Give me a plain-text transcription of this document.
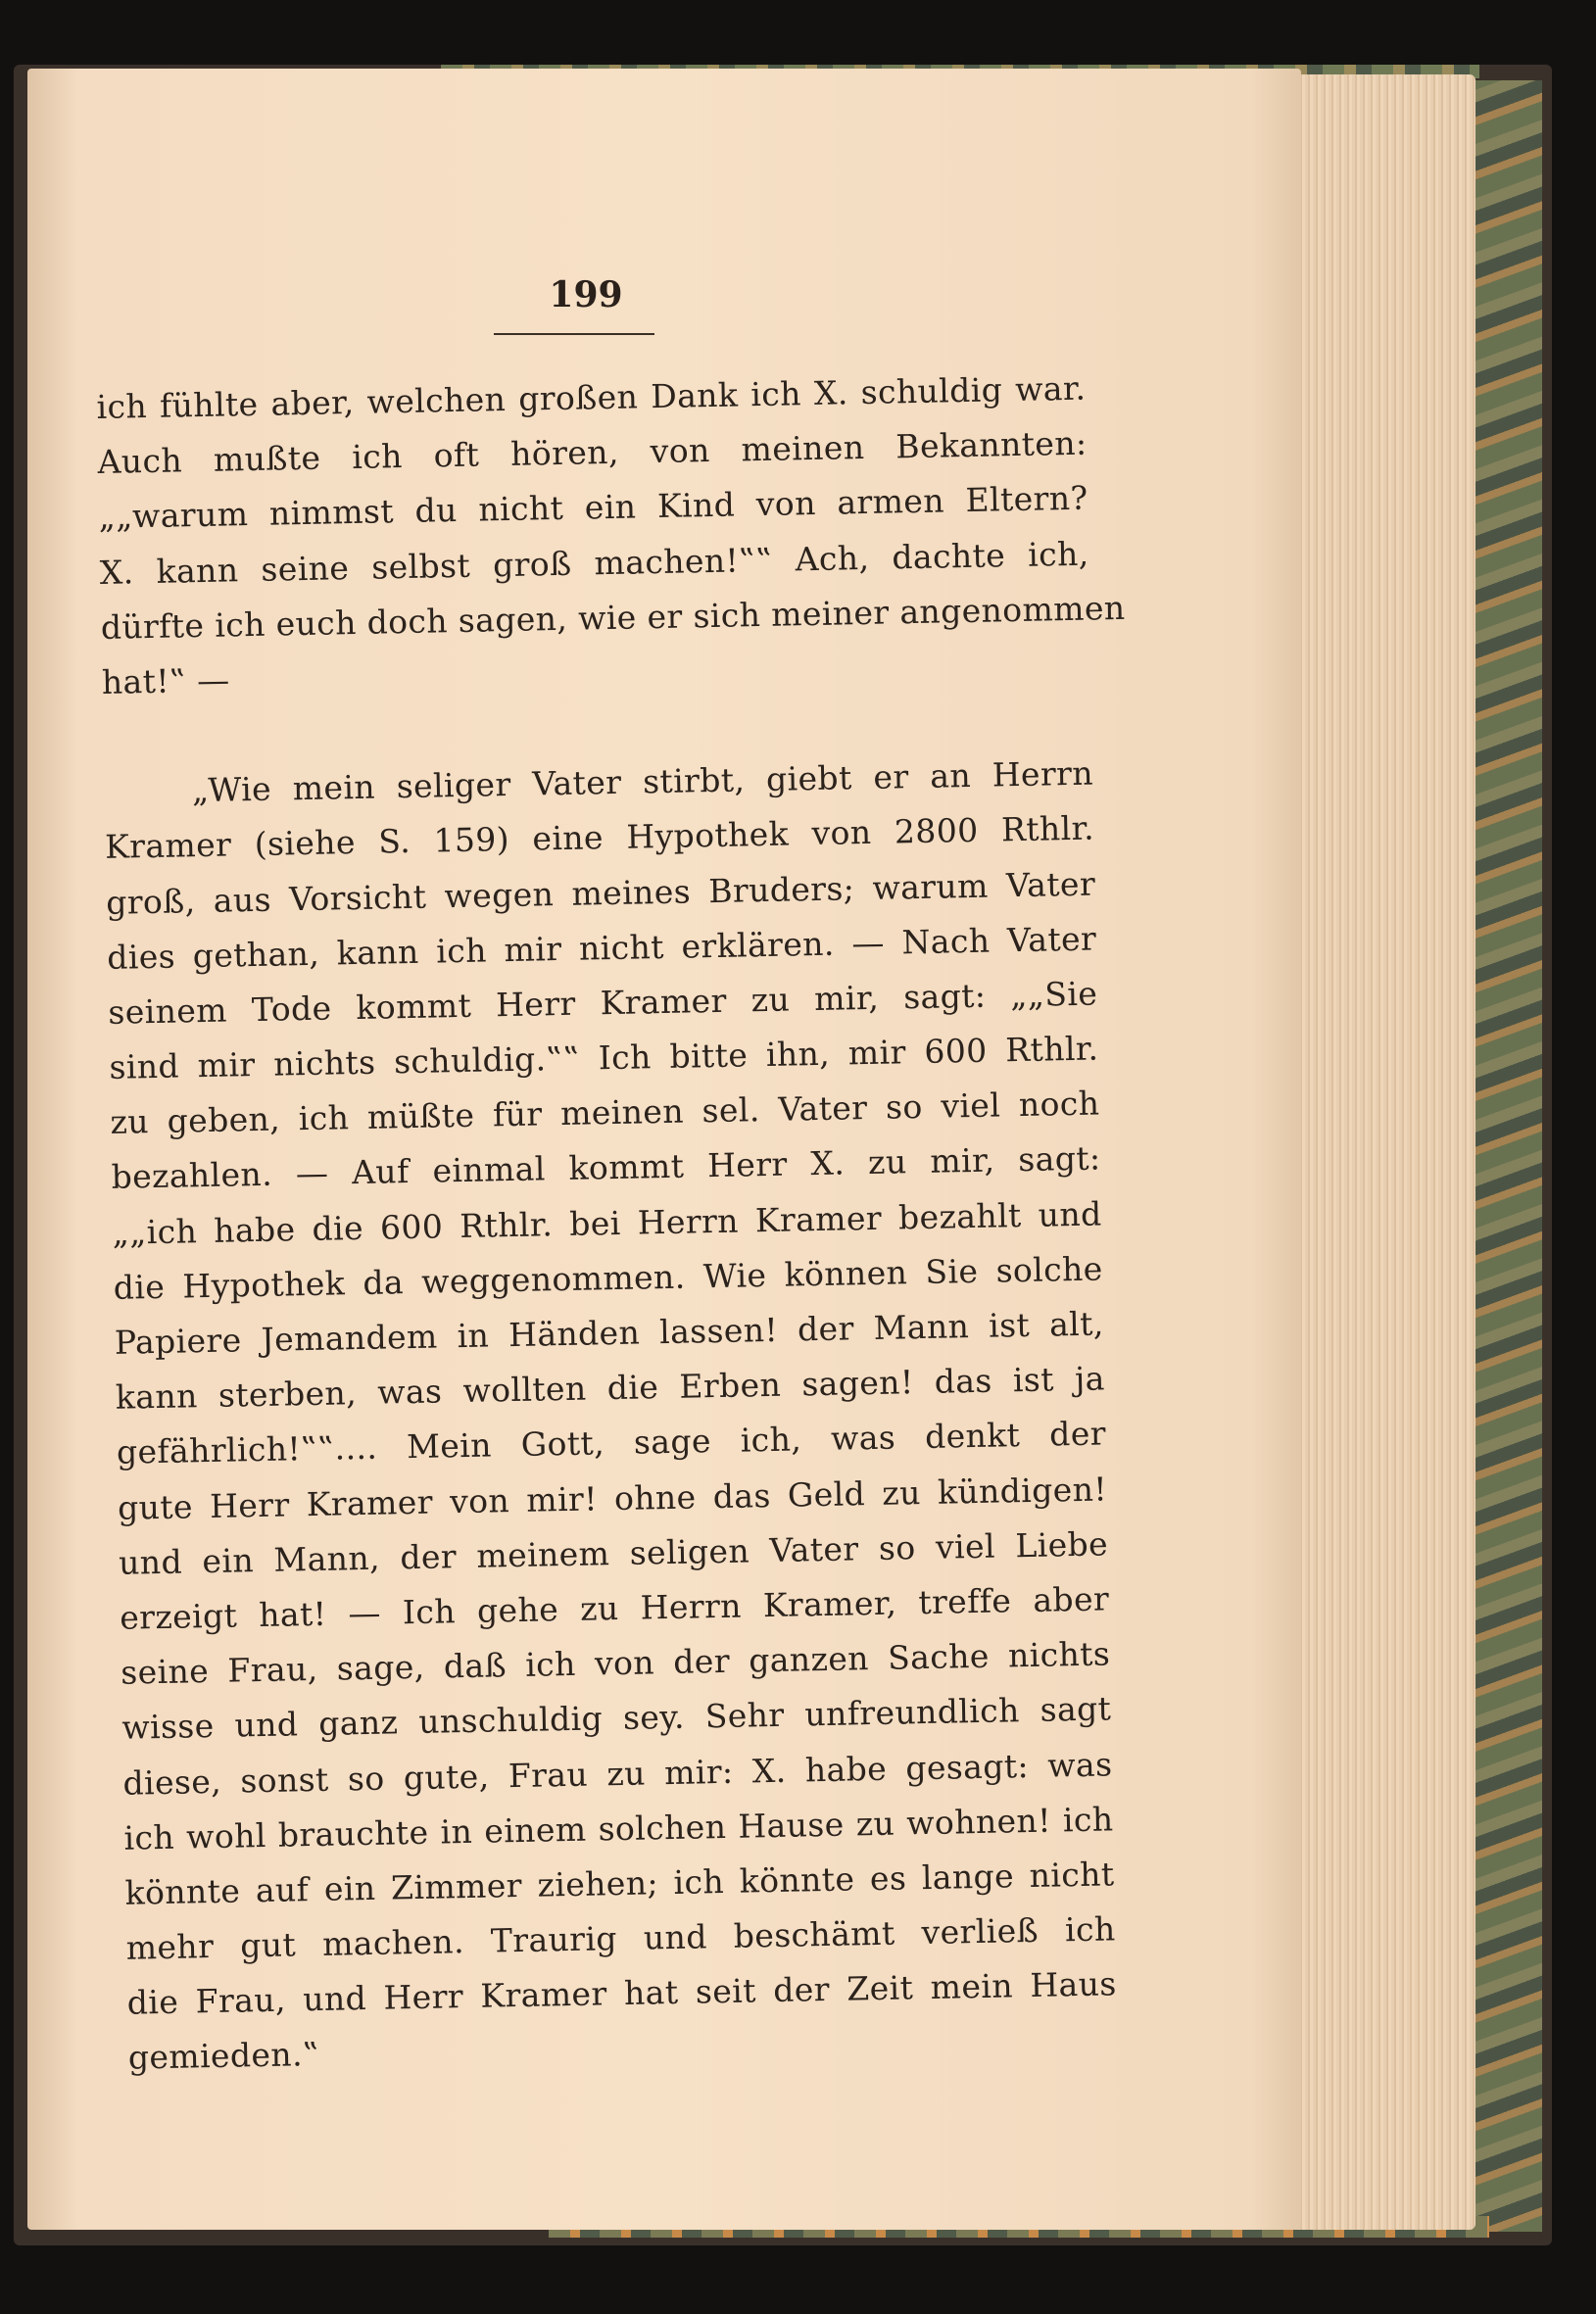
199
ich fühlte aber, welchen großen Dank ich X. schuldig war.
Auch mußte ich oft hören, von meinen Bekannten:
„„warum nimmst du nicht ein Kind von armen Eltern?
X. kann seine selbst groß machen!‟‟ Ach, dachte ich,
dürfte ich euch doch sagen, wie er sich meiner angenommen
hat!‟ —
„Wie mein seliger Vater stirbt, giebt er an Herrn
Kramer (siehe S. 159) eine Hypothek von 2800 Rthlr.
groß, aus Vorsicht wegen meines Bruders; warum Vater
dies gethan, kann ich mir nicht erklären. — Nach Vater
seinem Tode kommt Herr Kramer zu mir, sagt: „„Sie
sind mir nichts schuldig.‟‟ Ich bitte ihn, mir 600 Rthlr.
zu geben, ich müßte für meinen sel. Vater so viel noch
bezahlen. — Auf einmal kommt Herr X. zu mir, sagt:
„„ich habe die 600 Rthlr. bei Herrn Kramer bezahlt und
die Hypothek da weggenommen. Wie können Sie solche
Papiere Jemandem in Händen lassen! der Mann ist alt,
kann sterben, was wollten die Erben sagen! das ist ja
gefährlich!‟‟.... Mein Gott, sage ich, was denkt der
gute Herr Kramer von mir! ohne das Geld zu kündigen!
und ein Mann, der meinem seligen Vater so viel Liebe
erzeigt hat! — Ich gehe zu Herrn Kramer, treffe aber
seine Frau, sage, daß ich von der ganzen Sache nichts
wisse und ganz unschuldig sey. Sehr unfreundlich sagt
diese, sonst so gute, Frau zu mir: X. habe gesagt: was
ich wohl brauchte in einem solchen Hause zu wohnen! ich
könnte auf ein Zimmer ziehen; ich könnte es lange nicht
mehr gut machen. Traurig und beschämt verließ ich
die Frau, und Herr Kramer hat seit der Zeit mein Haus
gemieden.‟
